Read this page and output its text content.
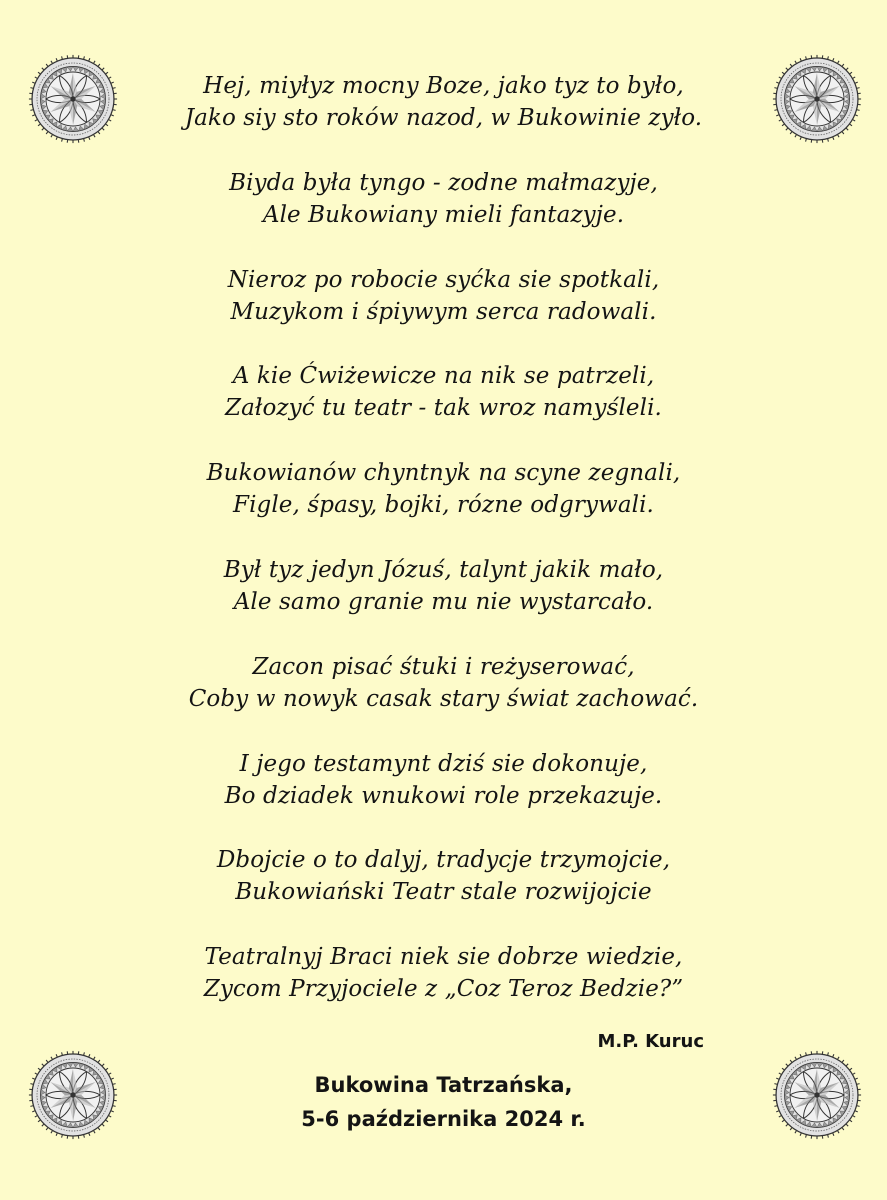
Hej, miyłyz mocny Boze, jako tyz to było,
Jako siy sto roków nazod, w Bukowinie zyło.

Biyda była tyngo - zodne małmazyje,
Ale Bukowiany mieli fantazyje.

Nieroz po robocie syćka sie spotkali,
Muzykom i śpiywym serca radowali.

A kie Ćwiżewicze na nik se patrzeli,
Załozyć tu teatr - tak wroz namyśleli.

Bukowianów chyntnyk na scyne zegnali,
Figle, śpasy, bojki, rózne odgrywali.

Był tyz jedyn Józuś, talynt jakik mało,
Ale samo granie mu nie wystarcało.

Zacon pisać śtuki i reżyserować,
Coby w nowyk casak stary świat zachować.

I jego testamynt dziś sie dokonuje,
Bo dziadek wnukowi role przekazuje.

Dbojcie o to dalyj, tradycje trzymojcie,
Bukowiański Teatr stale rozwijojcie

Teatralnyj Braci niek sie dobrze wiedzie,
Zycom Przyjociele z „Coz Teroz Bedzie?”

M.P. Kuruc
Bukowina Tatrzańska,
5-6 października 2024 r.
